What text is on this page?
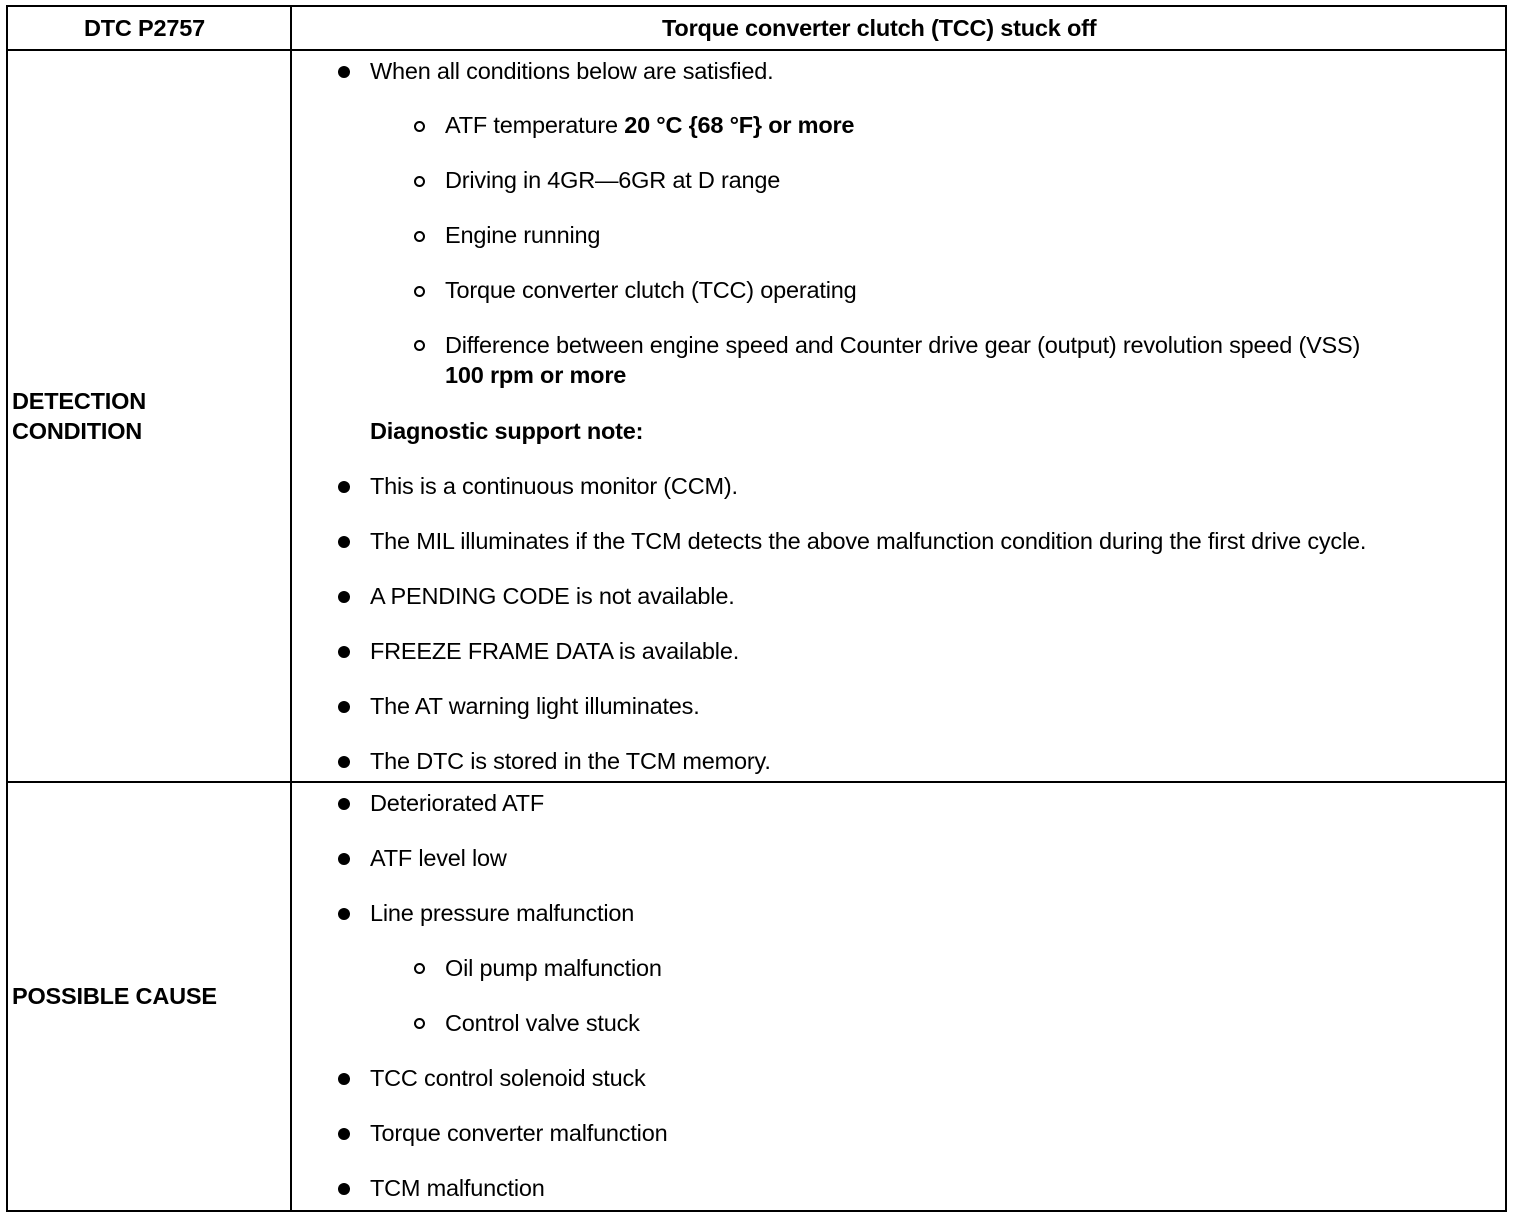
DTC P2757	Torque converter clutch (TCC) stuck off
DETECTION
CONDITION
When all conditions below are satisfied.
ATF temperature 20 °C {68 °F} or more
Driving in 4GR—6GR at D range
Engine running
Torque converter clutch (TCC) operating
Difference between engine speed and Counter drive gear (output) revolution speed (VSS)
100 rpm or more
Diagnostic support note:
This is a continuous monitor (CCM).
The MIL illuminates if the TCM detects the above malfunction condition during the first drive cycle.
A PENDING CODE is not available.
FREEZE FRAME DATA is available.
The AT warning light illuminates.
The DTC is stored in the TCM memory.
POSSIBLE CAUSE
Deteriorated ATF
ATF level low
Line pressure malfunction
Oil pump malfunction
Control valve stuck
TCC control solenoid stuck
Torque converter malfunction
TCM malfunction
